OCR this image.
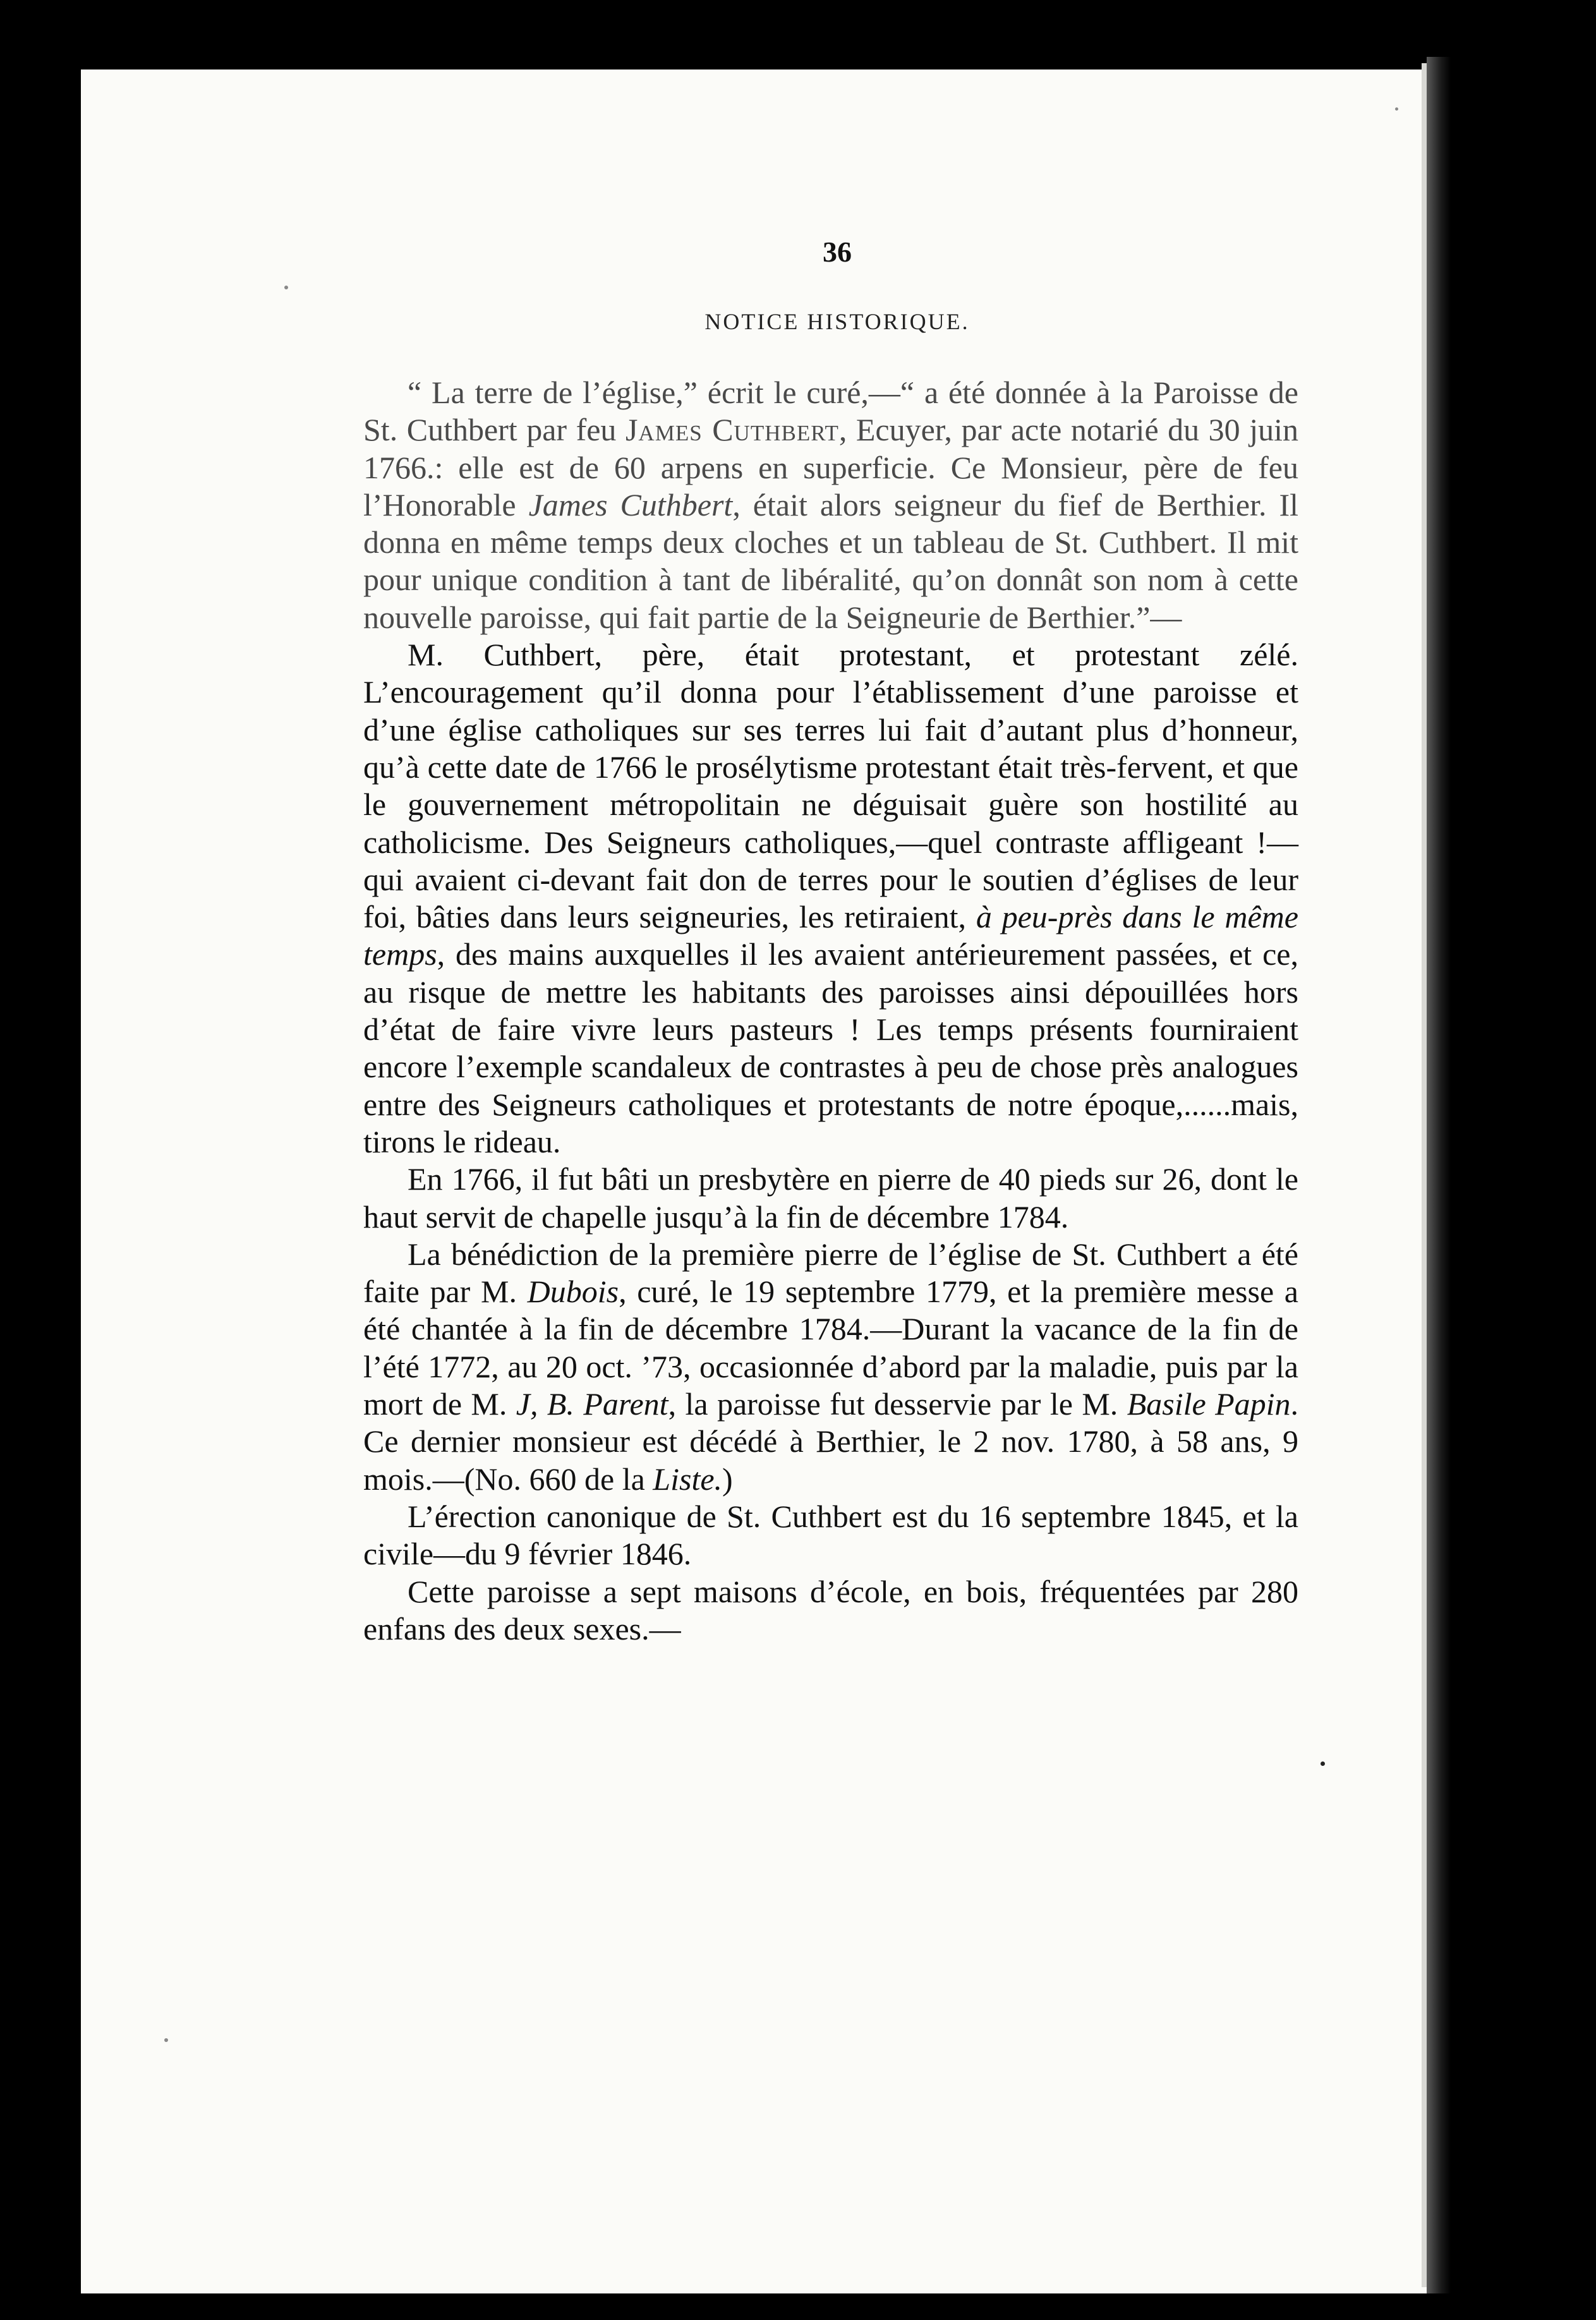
36
NOTICE HISTORIQUE.

“ La terre de l’église,” écrit le curé,—“ a été donnée à la Paroisse de St. Cuthbert par feu James Cuthbert, Ecuyer, par acte notarié du 30 juin 1766.: elle est de 60 arpens en superficie. Ce Monsieur, père de feu l’Honorable James Cuthbert, était alors seigneur du fief de Berthier. Il donna en même temps deux cloches et un tableau de St. Cuthbert. Il mit pour unique condition à tant de libéralité, qu’on donnât son nom à cette nouvelle paroisse, qui fait partie de la Seigneurie de Berthier.”—

M. Cuthbert, père, était protestant, et protestant zélé. L’encouragement qu’il donna pour l’établissement d’une paroisse et d’une église catholiques sur ses terres lui fait d’autant plus d’honneur, qu’à cette date de 1766 le prosélytisme protestant était très-fervent, et que le gouvernement métropolitain ne déguisait guère son hostilité au catholicisme. Des Seigneurs catholiques,—quel contraste affligeant !—qui avaient ci-devant fait don de terres pour le soutien d’églises de leur foi, bâties dans leurs seigneuries, les retiraient, à peu-près dans le même temps, des mains auxquelles il les avaient antérieurement passées, et ce, au risque de mettre les habitants des paroisses ainsi dépouillées hors d’état de faire vivre leurs pasteurs ! Les temps présents fourniraient encore l’exemple scandaleux de contrastes à peu de chose près analogues entre des Seigneurs catholiques et protestants de notre époque,......mais, tirons le rideau.

En 1766, il fut bâti un presbytère en pierre de 40 pieds sur 26, dont le haut servit de chapelle jusqu’à la fin de décembre 1784.

La bénédiction de la première pierre de l’église de St. Cuthbert a été faite par M. Dubois, curé, le 19 septembre 1779, et la première messe a été chantée à la fin de décembre 1784.—Durant la vacance de la fin de l’été 1772, au 20 oct. ’73, occasionnée d’abord par la maladie, puis par la mort de M. J, B. Parent, la paroisse fut desservie par le M. Basile Papin. Ce dernier monsieur est décédé à Berthier, le 2 nov. 1780, à 58 ans, 9 mois.—(No. 660 de la Liste.)

L’érection canonique de St. Cuthbert est du 16 septembre 1845, et la civile—du 9 février 1846.

Cette paroisse a sept maisons d’école, en bois, fréquentées par 280 enfans des deux sexes.—
